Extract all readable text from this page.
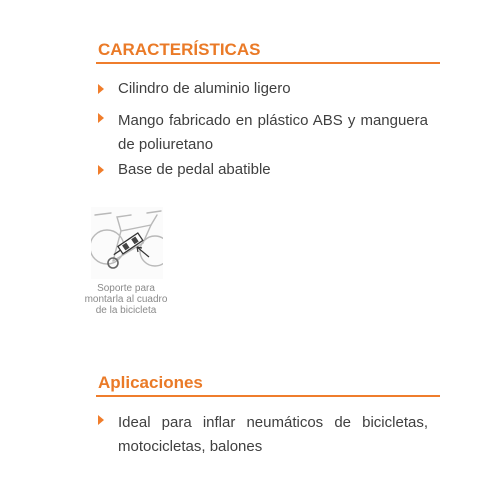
CARACTERÍSTICAS
Cilindro de aluminio ligero
Mango fabricado en plástico ABS y manguera de poliuretano
Base de pedal abatible
Soporte para montarla al cuadro de la bicicleta
Aplicaciones
Ideal para inflar neumáticos de bicicletas, motocicletas, balones
